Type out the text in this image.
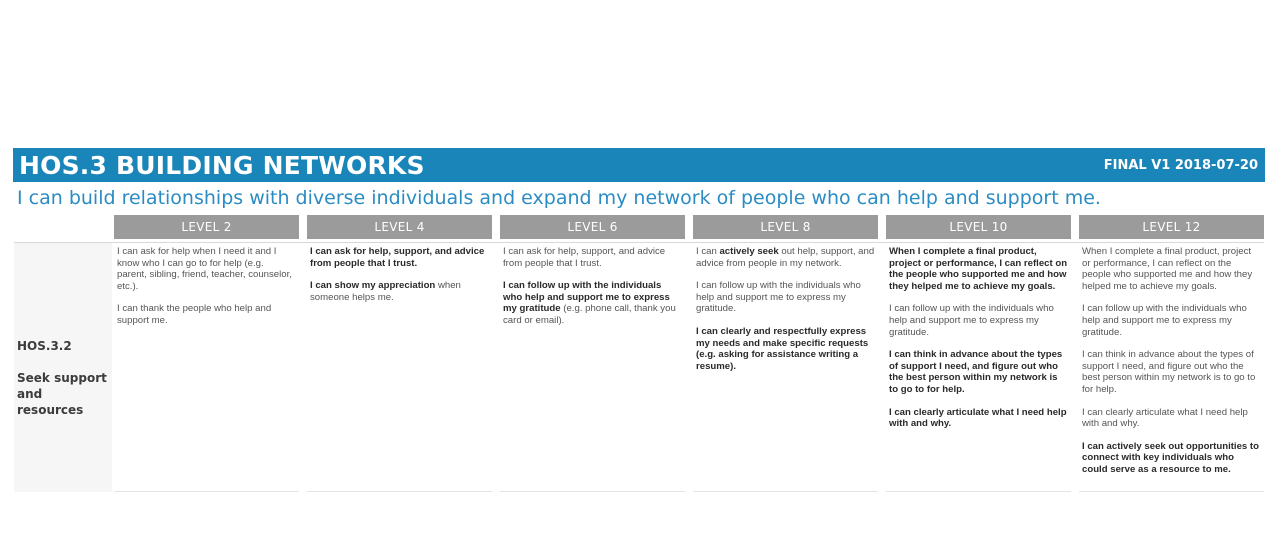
HOS.3 BUILDING NETWORKS	FINAL V1 2018-07-20
I can build relationships with diverse individuals and expand my network of people who can help and support me.
HOS.3.2
Seek support and resources
LEVEL 2

I can ask for help when I need it and I know who I can go to for help (e.g. parent, sibling, friend, teacher, counselor, etc.).

I can thank the people who help and support me.

LEVEL 4

I can ask for help, support, and advice from people that I trust.

I can show my appreciation when someone helps me.

LEVEL 6

I can ask for help, support, and advice from people that I trust.

I can follow up with the individuals who help and support me to express my gratitude (e.g. phone call, thank you card or email).

LEVEL 8

I can actively seek out help, support, and advice from people in my network.

I can follow up with the individuals who help and support me to express my gratitude.

I can clearly and respectfully express my needs and make specific requests (e.g. asking for assistance writing a resume).

LEVEL 10

When I complete a final product, project or performance, I can reflect on the people who supported me and how they helped me to achieve my goals.

I can follow up with the individuals who help and support me to express my gratitude.

I can think in advance about the types of support I need, and figure out who the best person within my network is to go to for help.

I can clearly articulate what I need help with and why.

LEVEL 12

When I complete a final product, project or performance, I can reflect on the people who supported me and how they helped me to achieve my goals.

I can follow up with the individuals who help and support me to express my gratitude.

I can think in advance about the types of support I need, and figure out who the best person within my network is to go to for help.

I can clearly articulate what I need help with and why.

I can actively seek out opportunities to connect with key individuals who could serve as a resource to me.
